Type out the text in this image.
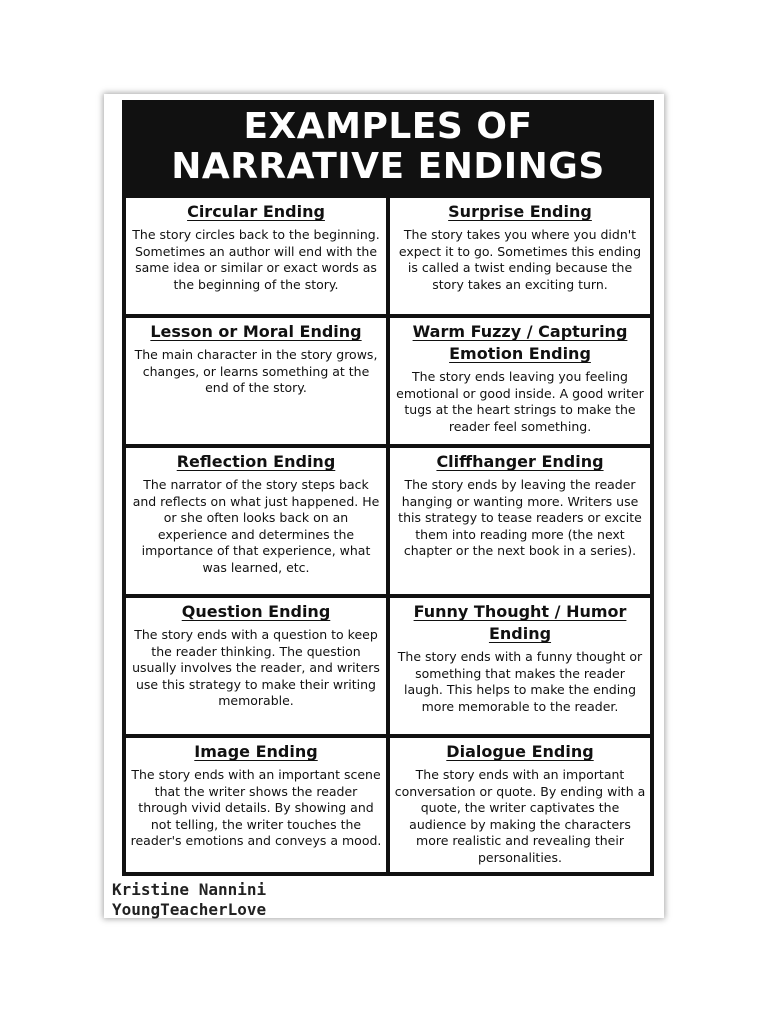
EXAMPLES OF
NARRATIVE ENDINGS
Circular Ending

The story circles back to the beginning. Sometimes an author will end with the same idea or similar or exact words as the beginning of the story.

Surprise Ending

The story takes you where you didn't expect it to go. Sometimes this ending is called a twist ending because the story takes an exciting turn.

Lesson or Moral Ending

The main character in the story grows, changes, or learns something at the end of the story.

Warm Fuzzy / Capturing Emotion Ending

The story ends leaving you feeling emotional or good inside. A good writer tugs at the heart strings to make the reader feel something.

Reflection Ending

The narrator of the story steps back and reflects on what just happened. He or she often looks back on an experience and determines the importance of that experience, what was learned, etc.

Cliffhanger Ending

The story ends by leaving the reader hanging or wanting more. Writers use this strategy to tease readers or excite them into reading more (the next chapter or the next book in a series).

Question Ending

The story ends with a question to keep the reader thinking. The question usually involves the reader, and writers use this strategy to make their writing memorable.

Funny Thought / Humor Ending

The story ends with a funny thought or something that makes the reader laugh. This helps to make the ending more memorable to the reader.

Image Ending

The story ends with an important scene that the writer shows the reader through vivid details. By showing and not telling, the writer touches the reader's emotions and conveys a mood.

Dialogue Ending

The story ends with an important conversation or quote. By ending with a quote, the writer captivates the audience by making the characters more realistic and revealing their personalities.

Kristine Nannini
YoungTeacherLove
